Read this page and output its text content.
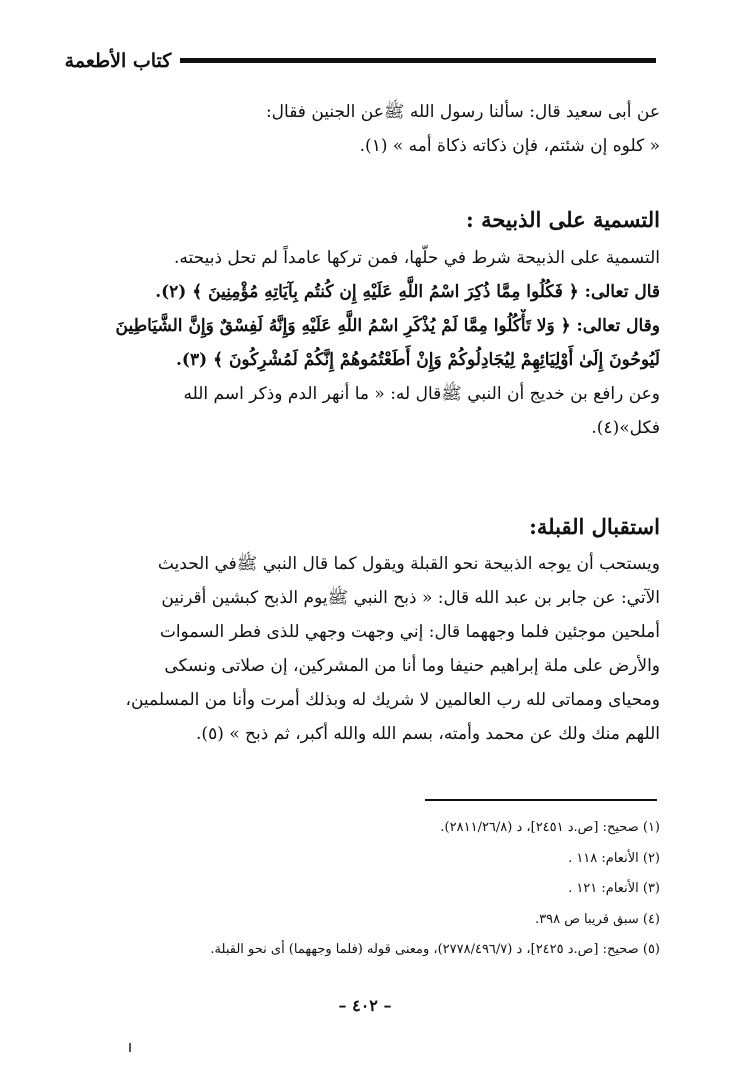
كتاب الأطعمة
عن أبى سعيد قال: سألنا رسول الله ﷺعن الجنين فقال:
« كلوه إن شئتم، فإن ذكاته ذكاة أمه » (١).
التسمية على الذبيحة :
التسمية على الذبيحة شرط في حلّها، فمن تركها عامداً لم تحل ذبيحته.
قال تعالى: ﴿ فَكُلُوا مِمَّا ذُكِرَ اسْمُ اللَّهِ عَلَيْهِ إِن كُنتُم بِآيَاتِهِ مُؤْمِنِينَ ﴾ (٢).
وقال تعالى: ﴿ وَلا تَأْكُلُوا مِمَّا لَمْ يُذْكَرِ اسْمُ اللَّهِ عَلَيْهِ وَإِنَّهُ لَفِسْقٌ وَإِنَّ الشَّيَاطِينَ
لَيُوحُونَ إِلَىٰ أَوْلِيَائِهِمْ لِيُجَادِلُوكُمْ وَإِنْ أَطَعْتُمُوهُمْ إِنَّكُمْ لَمُشْرِكُونَ ﴾ (٣).
وعن رافع بن خديج أن النبي ﷺقال له: « ما أنهر الدم وذكر اسم الله
فكل»(٤).
استقبال القبلة:
ويستحب أن يوجه الذبيحة نحو القبلة ويقول كما قال النبي ﷺفي الحديث
الآتي: عن جابر بن عبد الله قال: « ذبح النبي ﷺيوم الذبح كبشين أقرنين
أملحين موجئين فلما وجههما قال: إني وجهت وجهي للذى فطر السموات
والأرض على ملة إبراهيم حنيفا وما أنا من المشركين، إن صلاتى ونسكى
ومحياى ومماتى لله رب العالمين لا شريك له وبذلك أمرت وأنا من المسلمين،
اللهم منك ولك عن محمد وأمته، بسم الله والله أكبر، ثم ذبح » (٥).
(١) صحيح: [ص.د ٢٤٥١]، د (٢٨١١/٢٦/٨).
(٢) الأنعام: ١١٨ .
(٣) الأنعام: ١٢١ .
(٤) سبق قريبا ص ٣٩٨.
(٥) صحيح: [ص.د ٢٤٢٥]، د (٢٧٧٨/٤٩٦/٧)، ومعنى قوله (فلما وجههما) أى نحو القبلة.
– ٤٠٢ –
